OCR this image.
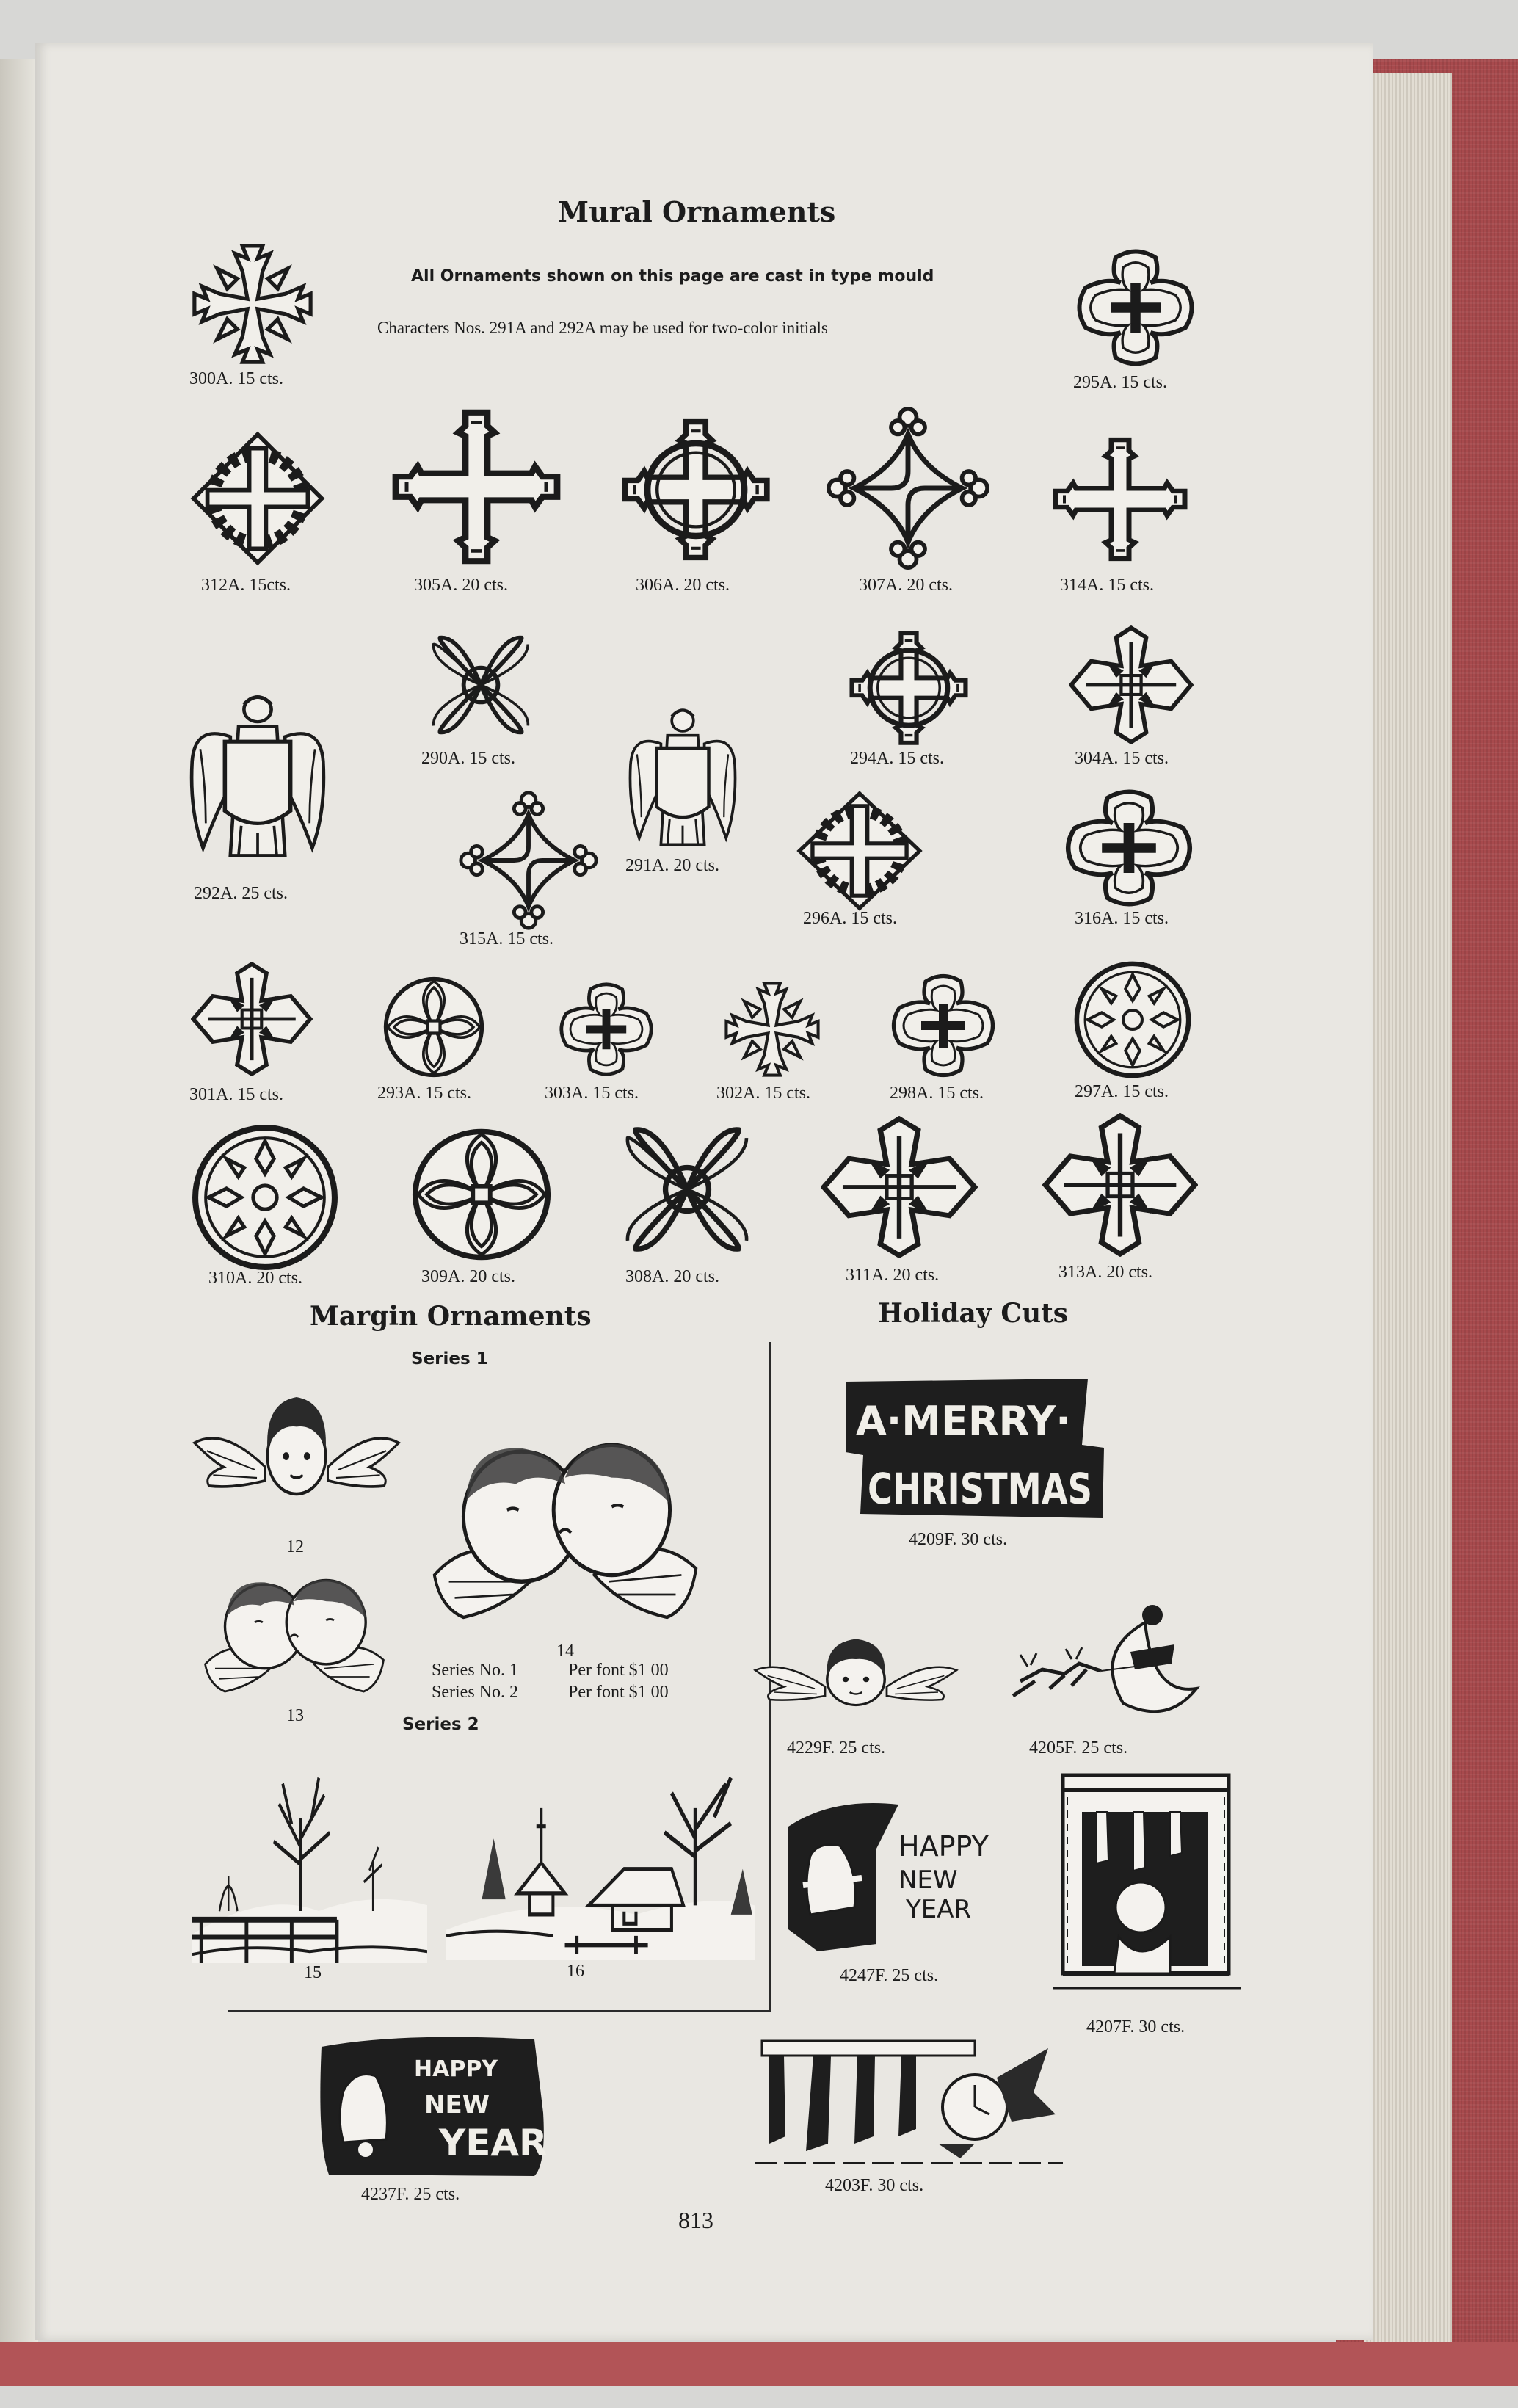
Mural Ornaments
All Ornaments shown on this page are cast in type mould
Characters Nos. 291A and 292A may be used for two-color initials
300A. 15 cts.	295A. 15 cts.
312A. 15cts.	305A. 20 cts.	306A. 20 cts.	307A. 20 cts.	314A. 15 cts.
292A. 25 cts.
290A. 15 cts.
291A. 20 cts.
294A. 15 cts.	304A. 15 cts.
315A. 15 cts.
296A. 15 cts.	316A. 15 cts.
301A. 15 cts.	293A. 15 cts.	303A. 15 cts.	302A. 15 cts.	298A. 15 cts.	297A. 15 cts.
310A. 20 cts.	309A. 20 cts.	308A. 20 cts.	311A. 20 cts.	313A. 20 cts.
Margin Ornaments
Series 1
12
13
14
Series No. 1	Per font $1 00
Series No. 2	Per font $1 00
Series 2
15	16
Holiday Cuts
A·MERRY·
CHRISTMAS
4209F. 30 cts.
4229F. 25 cts.	4205F. 25 cts.
HAPPY
NEW
YEAR
4247F. 25 cts.
4207F. 30 cts.
HAPPY
NEW
YEAR
4237F. 25 cts.	4203F. 30 cts.
813
